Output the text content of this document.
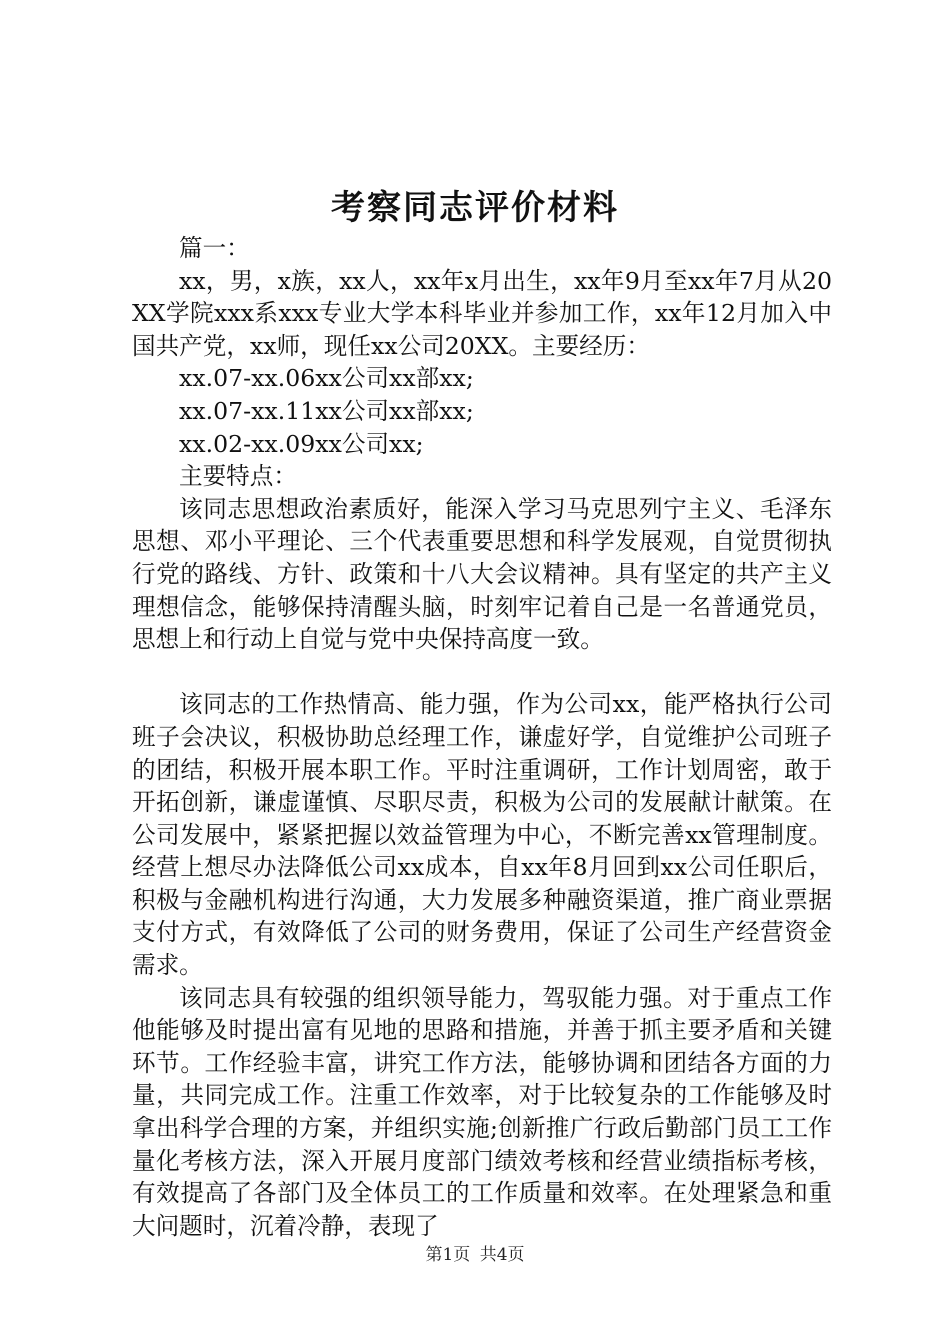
考察同志评价材料

篇一：

xx，男，x族，xx人，xx年x月出生，xx年9月至xx年7月从20XX学院xxx系xxx专业大学本科毕业并参加工作，xx年12月加入中国共产党，xx师，现任xx公司20XX。主要经历：

xx.07-xx.06xx公司xx部xx;

xx.07-xx.11xx公司xx部xx;

xx.02-xx.09xx公司xx;

主要特点：

该同志思想政治素质好，能深入学习马克思列宁主义、毛泽东思想、邓小平理论、三个代表重要思想和科学发展观，自觉贯彻执行党的路线、方针、政策和十八大会议精神。具有坚定的共产主义理想信念，能够保持清醒头脑，时刻牢记着自己是一名普通党员，思想上和行动上自觉与党中央保持高度一致。

该同志的工作热情高、能力强，作为公司xx，能严格执行公司班子会决议，积极协助总经理工作，谦虚好学，自觉维护公司班子的团结，积极开展本职工作。平时注重调研，工作计划周密，敢于开拓创新，谦虚谨慎、尽职尽责，积极为公司的发展献计献策。在公司发展中，紧紧把握以效益管理为中心，不断完善xx管理制度。经营上想尽办法降低公司xx成本，自xx年8月回到xx公司任职后，积极与金融机构进行沟通，大力发展多种融资渠道，推广商业票据支付方式，有效降低了公司的财务费用，保证了公司生产经营资金需求。

该同志具有较强的组织领导能力，驾驭能力强。对于重点工作他能够及时提出富有见地的思路和措施，并善于抓主要矛盾和关键环节。工作经验丰富，讲究工作方法，能够协调和团结各方面的力量，共同完成工作。注重工作效率，对于比较复杂的工作能够及时拿出科学合理的方案，并组织实施;创新推广行政后勤部门员工工作量化考核方法，深入开展月度部门绩效考核和经营业绩指标考核，有效提高了各部门及全体员工的工作质量和效率。在处理紧急和重大问题时，沉着冷静，表现了

第1页 共4页
